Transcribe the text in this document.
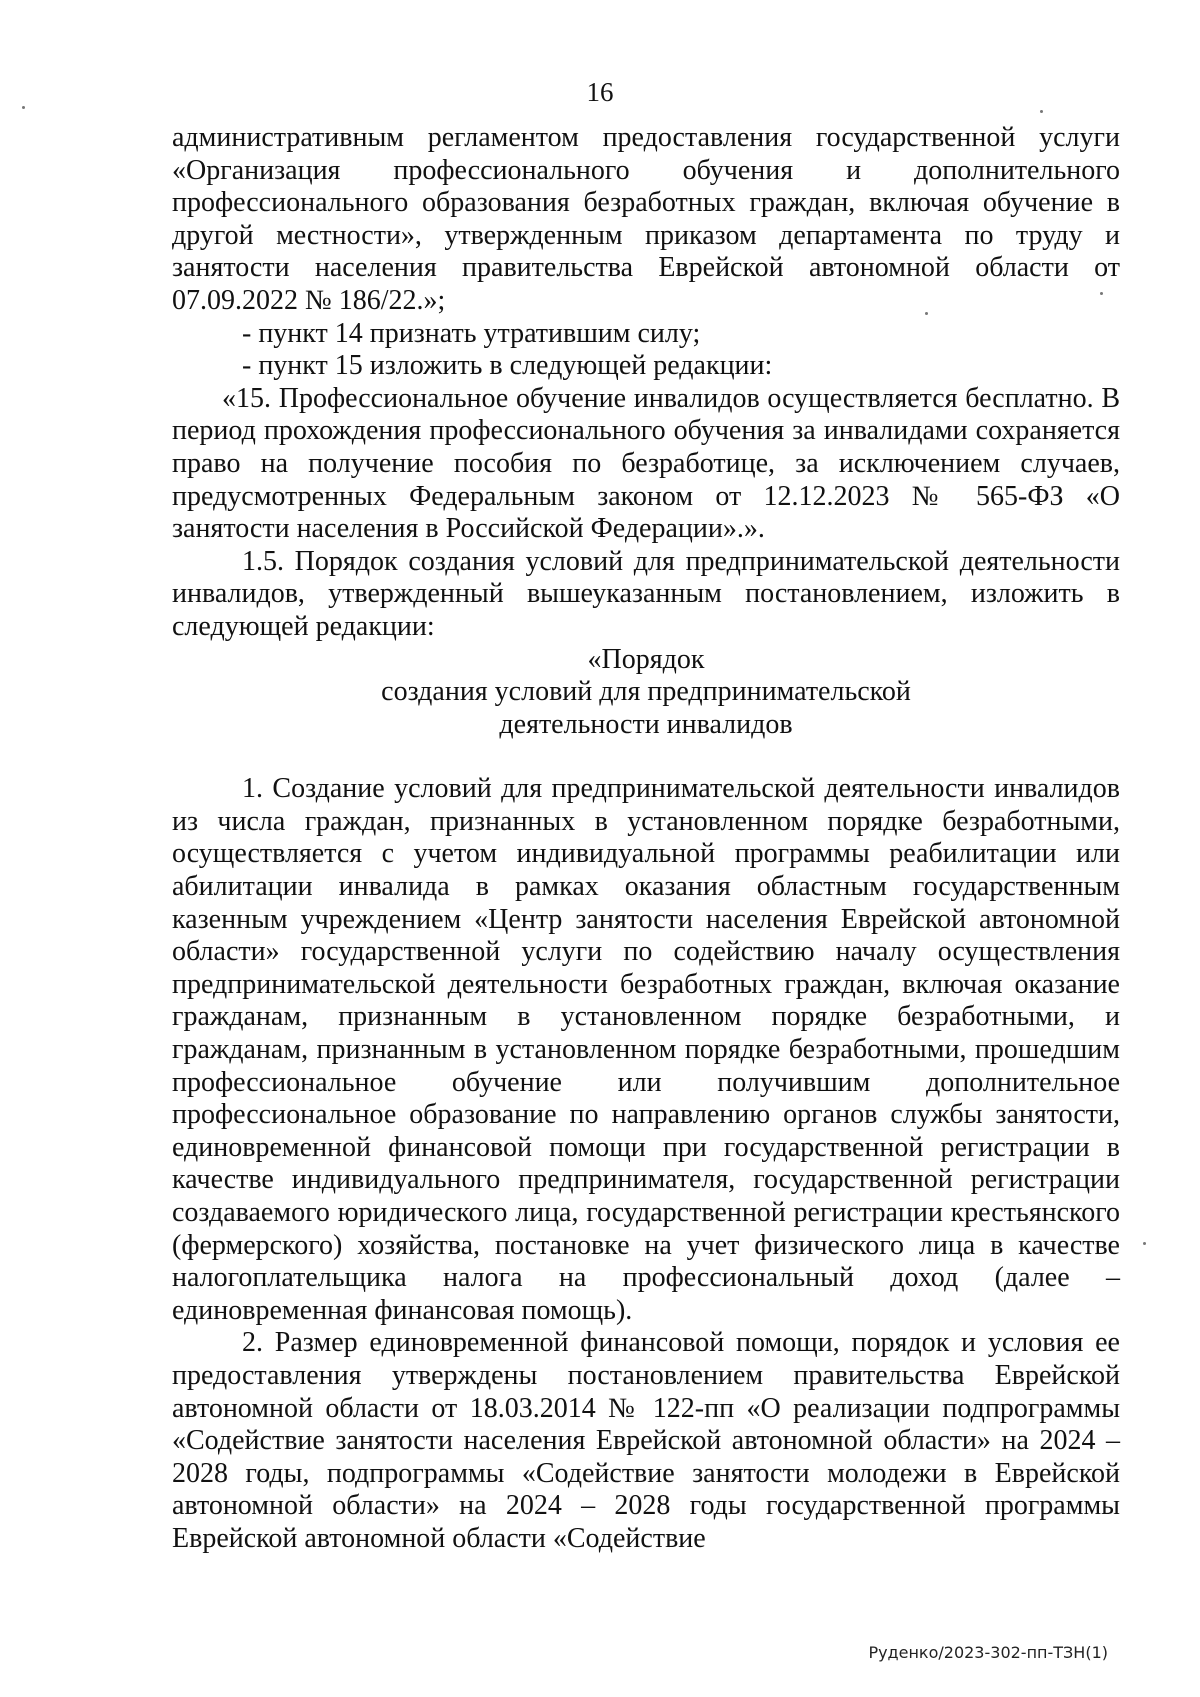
16

административным регламентом предоставления государственной услуги «Организация профессионального обучения и дополнительного профессионального образования безработных граждан, включая обучение в другой местности», утвержденным приказом департамента по труду и занятости населения правительства Еврейской автономной области от 07.09.2022 № 186/22.»;

- пункт 14 признать утратившим силу;

- пункт 15 изложить в следующей редакции:

«15. Профессиональное обучение инвалидов осуществляется бесплатно. В период прохождения профессионального обучения за инвалидами сохраняется право на получение пособия по безработице, за исключением случаев, предусмотренных Федеральным законом от 12.12.2023 № 565-ФЗ «О занятости населения в Российской Федерации».».

1.5. Порядок создания условий для предпринимательской деятельности инвалидов, утвержденный вышеуказанным постановлением, изложить в следующей редакции:

«Порядок

создания условий для предпринимательской

деятельности инвалидов

1. Создание условий для предпринимательской деятельности инвалидов из числа граждан, признанных в установленном порядке безработными, осуществляется с учетом индивидуальной программы реабилитации или абилитации инвалида в рамках оказания областным государственным казенным учреждением «Центр занятости населения Еврейской автономной области» государственной услуги по содействию началу осуществления предпринимательской деятельности безработных граждан, включая оказание гражданам, признанным в установленном порядке безработными, и гражданам, признанным в установленном порядке безработными, прошедшим профессиональное обучение или получившим дополнительное профессиональное образование по направлению органов службы занятости, единовременной финансовой помощи при государственной регистрации в качестве индивидуального предпринимателя, государственной регистрации создаваемого юридического лица, государственной регистрации крестьянского (фермерского) хозяйства, постановке на учет физического лица в качестве налогоплательщика налога на профессиональный доход (далее – единовременная финансовая помощь).

2. Размер единовременной финансовой помощи, порядок и условия ее предоставления утверждены постановлением правительства Еврейской автономной области от 18.03.2014 № 122-пп «О реализации подпрограммы «Содействие занятости населения Еврейской автономной области» на 2024 – 2028 годы, подпрограммы «Содействие занятости молодежи в Еврейской автономной области» на 2024 – 2028 годы государственной программы Еврейской автономной области «Содействие

Руденко/2023-302-пп-ТЗН(1)
